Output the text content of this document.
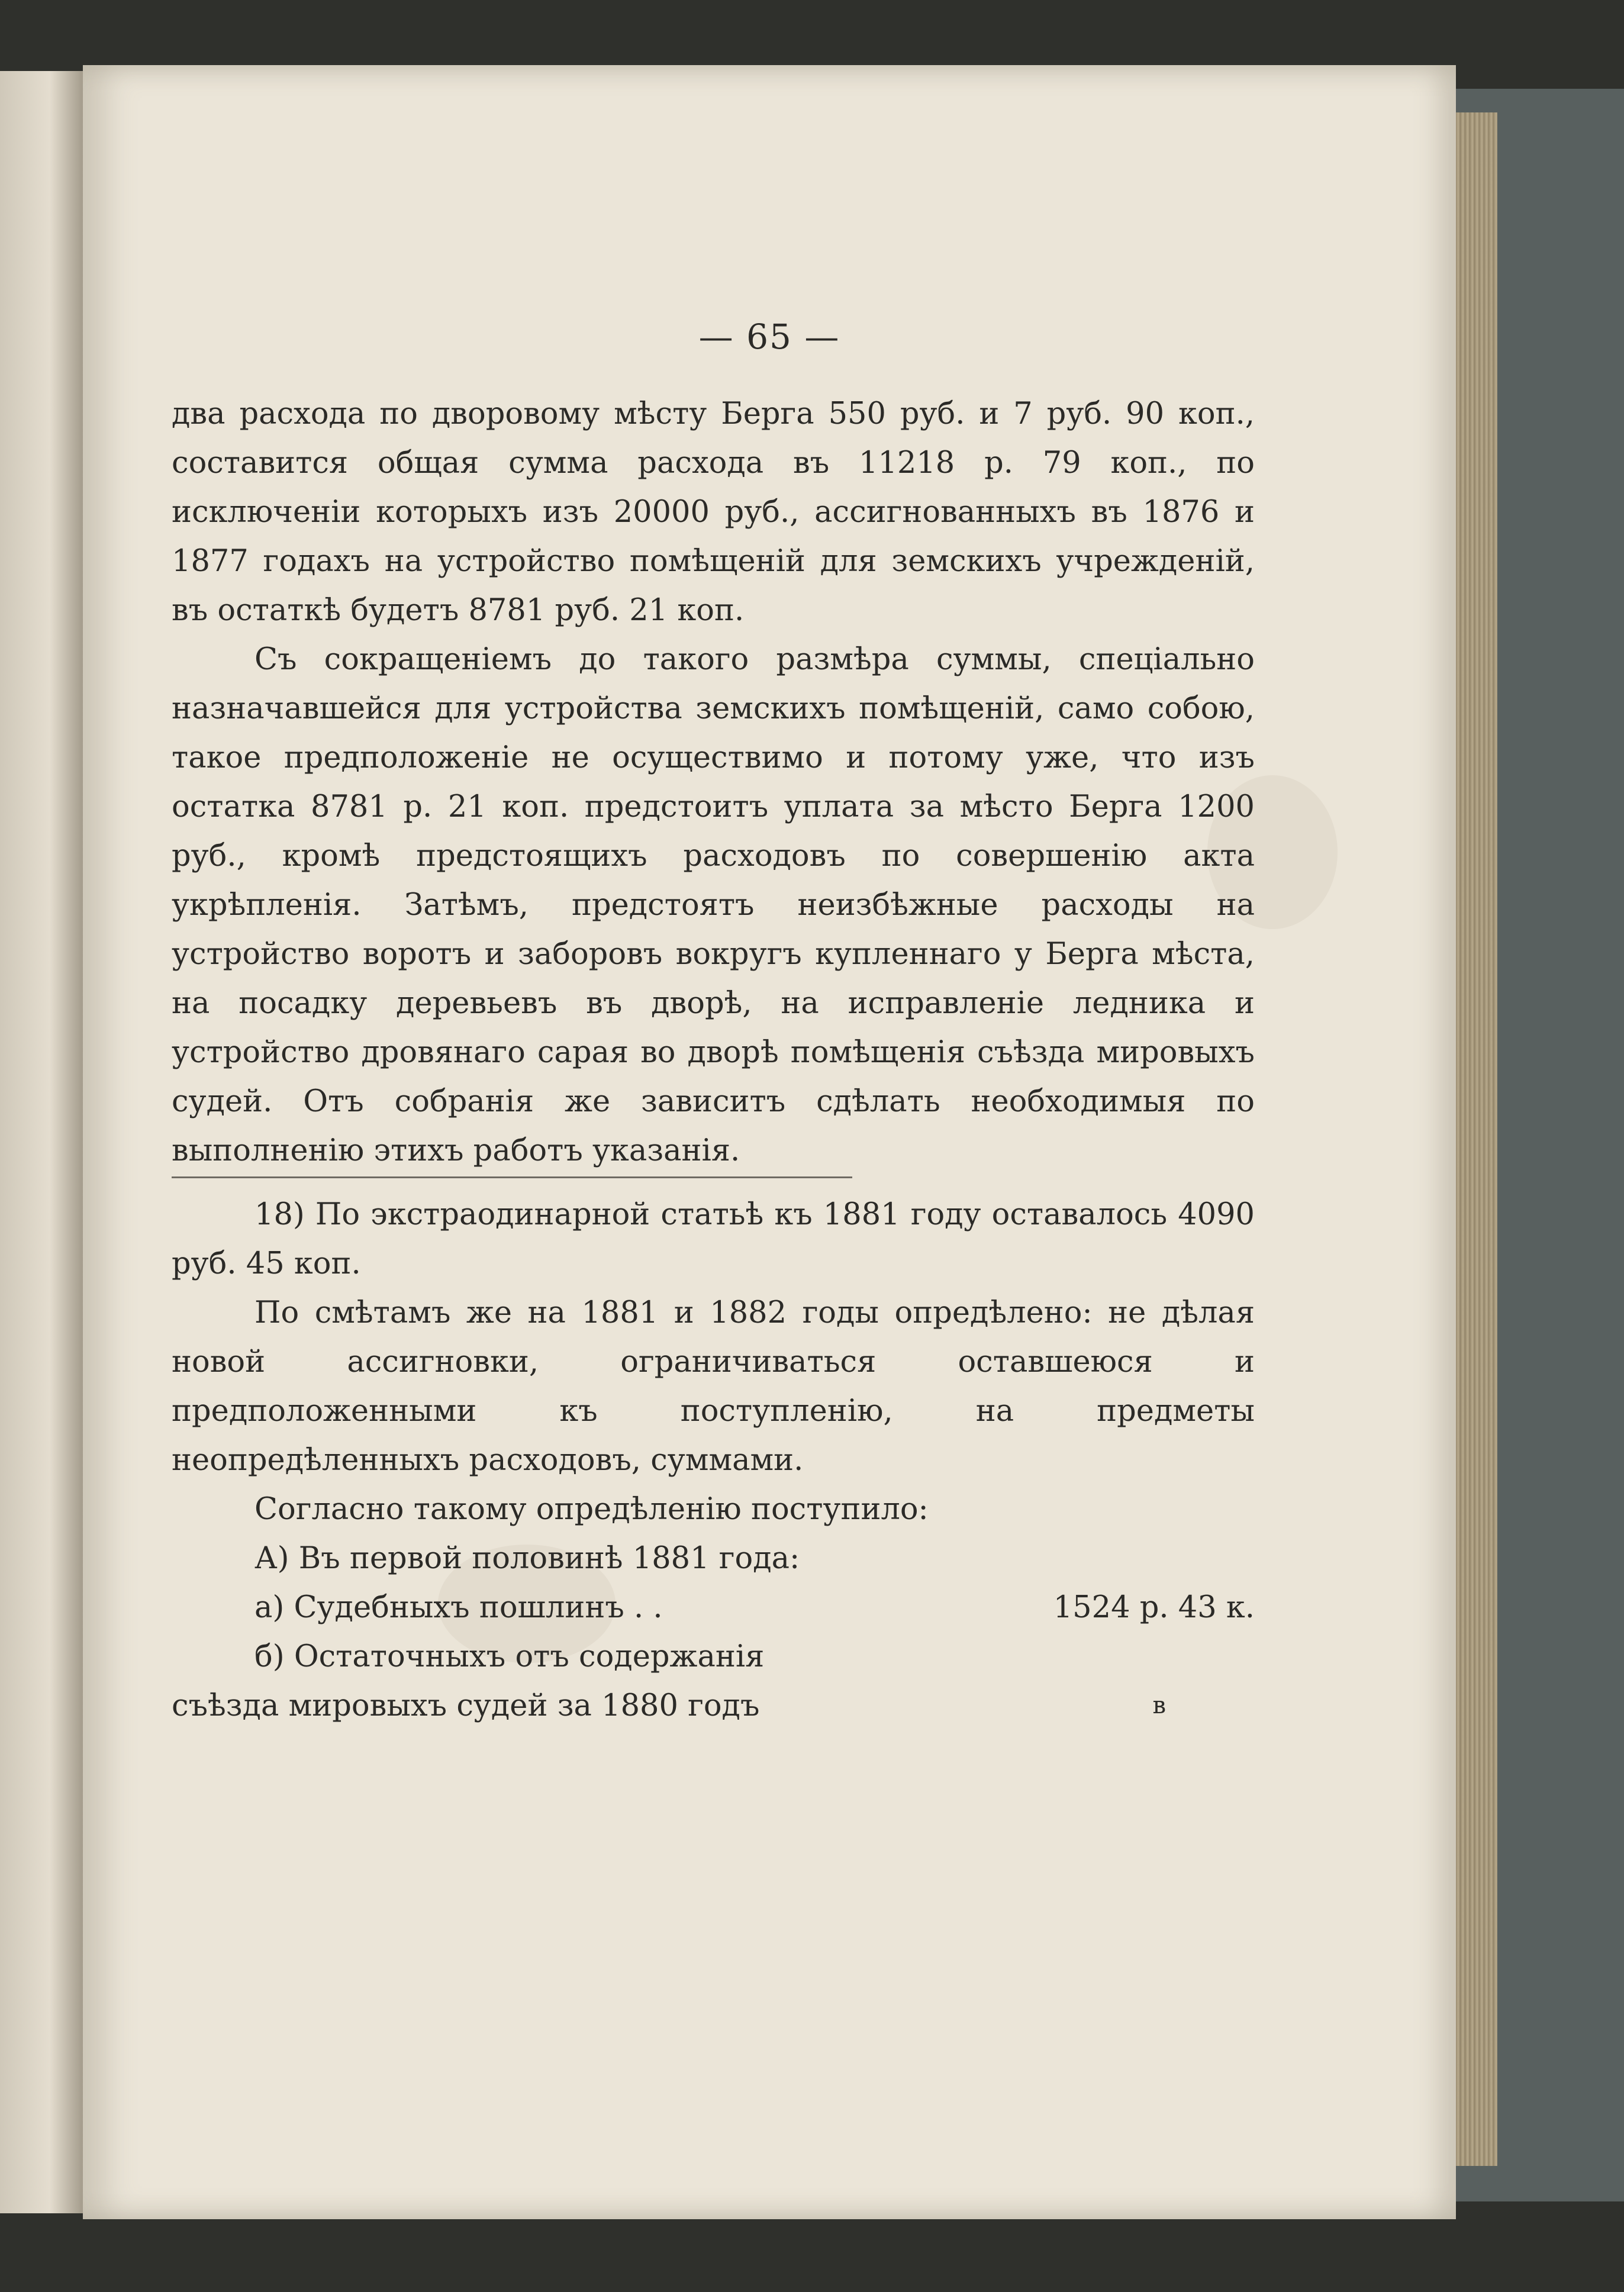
— 65 —

два расхода по дворовому мѣсту Берга 550 руб. и 7 руб. 90 коп., составится общая сумма расхода въ 11218 р. 79 коп., по исключеніи которыхъ изъ 20000 руб., ассигнованныхъ въ 1876 и 1877 годахъ на устройство помѣщеній для земскихъ учрежденій, въ остаткѣ будетъ 8781 руб. 21 коп.

Съ сокращеніемъ до такого размѣра суммы, спеціально назначавшейся для устройства земскихъ помѣщеній, само собою, такое предположеніе не осуществимо и потому уже, что изъ остатка 8781 р. 21 коп. предстоитъ уплата за мѣсто Берга 1200 руб., кромѣ предстоящихъ расходовъ по совершенію акта укрѣпленія. Затѣмъ, предстоятъ неизбѣжные расходы на устройство воротъ и заборовъ вокругъ купленнаго у Берга мѣста, на посадку деревьевъ въ дворѣ, на исправленіе ледника и устройство дровянаго сарая во дворѣ помѣщенія съѣзда мировыхъ судей. Отъ собранія же зависитъ сдѣлать необходимыя по выполненію этихъ работъ указанія.

18) По экстраодинарной статьѣ къ 1881 году оставалось 4090 руб. 45 коп.

По смѣтамъ же на 1881 и 1882 годы опредѣлено: не дѣлая новой ассигновки, ограничиваться оставшеюся и предположенными къ поступленію, на предметы неопредѣленныхъ расходовъ, суммами.

Согласно такому опредѣленію поступило:

А) Въ первой половинѣ 1881 года:

а) Судебныхъ пошлинъ . .	1524 р. 43 к.
б) Остаточныхъ отъ содержанія
съѣзда мировыхъ судей за 1880 годъ	в
